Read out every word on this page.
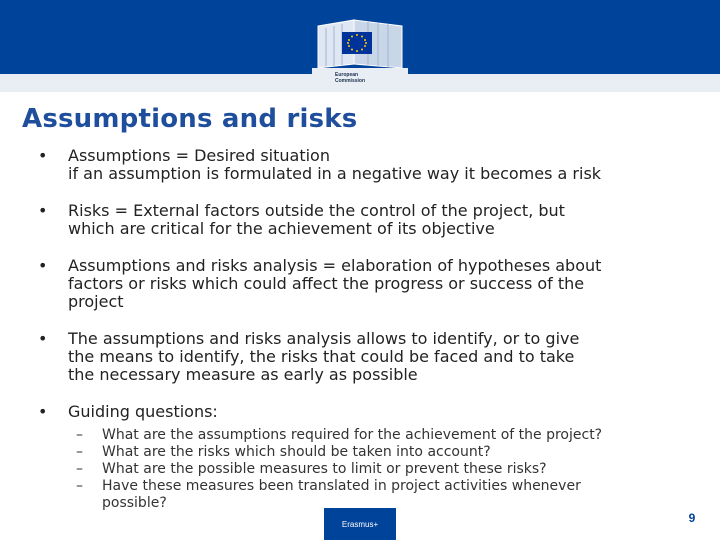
European
Commission
Assumptions and risks
• Assumptions = Desired situation
if an assumption is formulated in a negative way it becomes a risk
• Risks = External factors outside the control of the project, but
which are critical for the achievement of its objective
• Assumptions and risks analysis = elaboration of hypotheses about
factors or risks which could affect the progress or success of the
project
• The assumptions and risks analysis allows to identify, or to give
the means to identify, the risks that could be faced and to take
the necessary measure as early as possible
• Guiding questions:
– What are the assumptions required for the achievement of the project?
– What are the risks which should be taken into account?
– What are the possible measures to limit or prevent these risks?
– Have these measures been translated in project activities whenever
possible?
Erasmus+	9
